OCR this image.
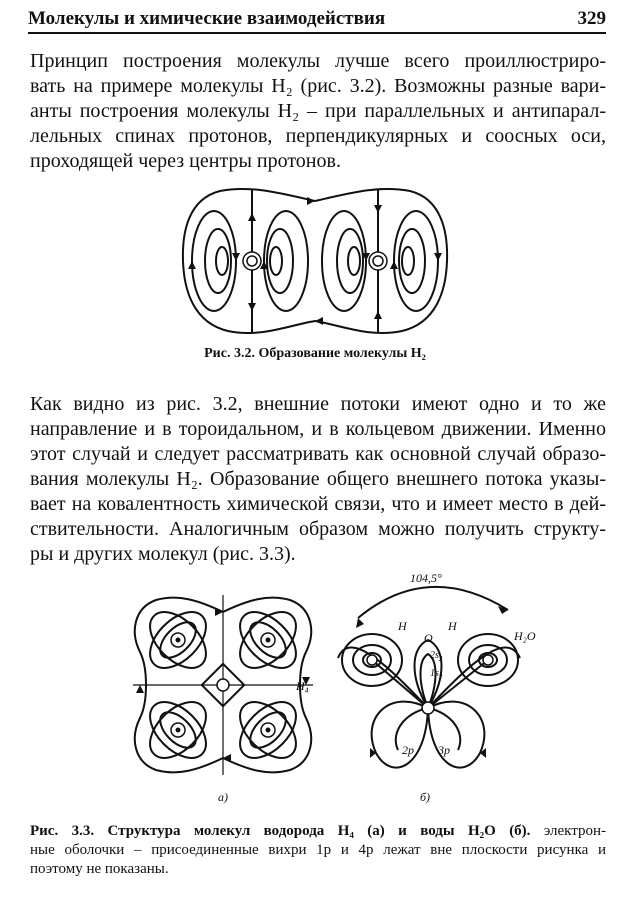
Молекулы и химические взаимодействия	329
Принцип построения молекулы лучше всего проиллюстриро-
вать на примере молекулы H₂ (рис. 3.2). Возможны разные вари-
анты построения молекулы H₂ – при параллельных и антипарал-
лельных спинах протонов, перпендикулярных и соосных оси,
проходящей через центры протонов.
Рис. 3.2. Образование молекулы H₂
Как видно из рис. 3.2, внешние потоки имеют одно и то же
направление и в тороидальном, и в кольцевом движении. Именно
этот случай и следует рассматривать как основной случай образо-
вания молекулы H₂. Образование общего внешнего потока указы-
вает на ковалентность химической связи, что и имеет место в дей-
ствительности. Аналогичным образом можно получить структу-
ры и других молекул (рис. 3.3).
H₄
а)
104,5°
H	H
O	H₂O
$2s_2$
$1s_2$
2p 3p
б)
Рис. 3.3. Структура молекул водорода H₄ (а) и воды H₂O (б). электрон-
ные оболочки – присоединенные вихри 1p и 4p лежат вне плоскости рисунка и
поэтому не показаны.
